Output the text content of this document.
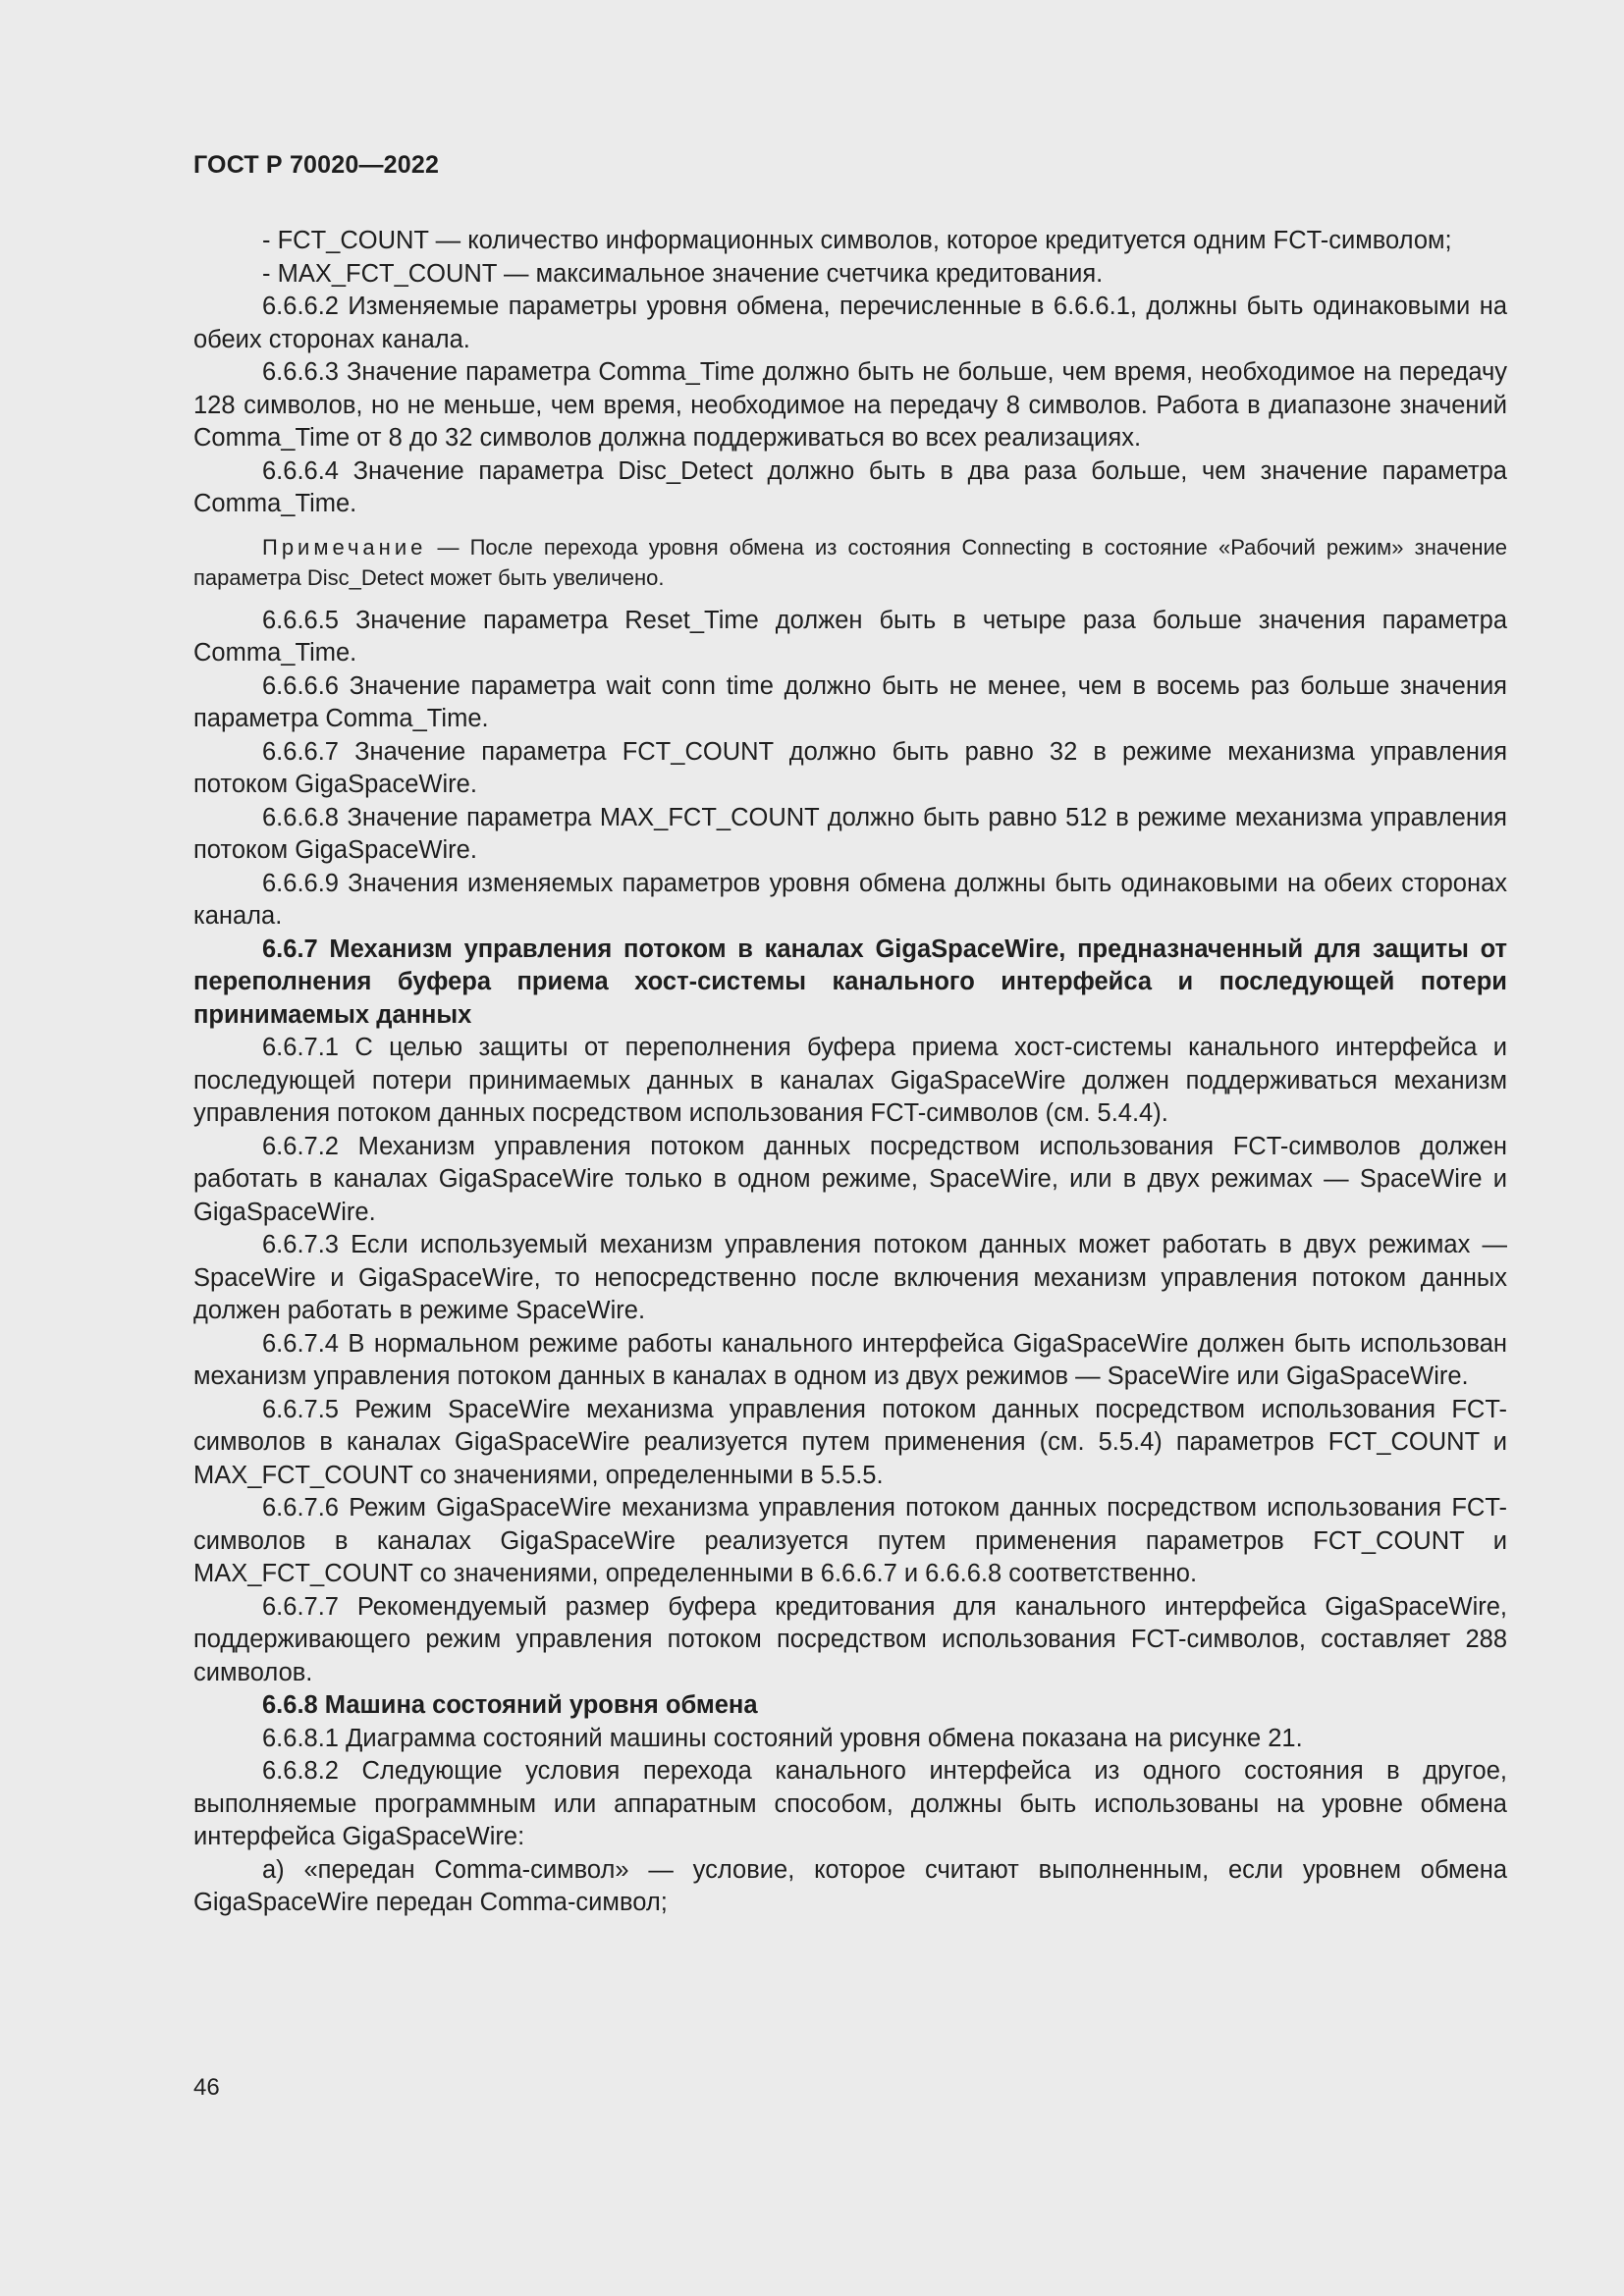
ГОСТ Р 70020—2022

- FCT_COUNT — количество информационных символов, которое кредитуется одним FCT-символом;

- MAX_FCT_COUNT — максимальное значение счетчика кредитования.

6.6.6.2 Изменяемые параметры уровня обмена, перечисленные в 6.6.6.1, должны быть одинаковыми на обеих сторонах канала.

6.6.6.3 Значение параметра Comma_Time должно быть не больше, чем время, необходимое на передачу 128 символов, но не меньше, чем время, необходимое на передачу 8 символов. Работа в диапазоне значений Comma_Time от 8 до 32 символов должна поддерживаться во всех реализациях.

6.6.6.4 Значение параметра Disc_Detect должно быть в два раза больше, чем значение параметра Comma_Time.

Примечание — После перехода уровня обмена из состояния Connecting в состояние «Рабочий режим» значение параметра Disc_Detect может быть увеличено.

6.6.6.5 Значение параметра Reset_Time должен быть в четыре раза больше значения параметра Comma_Time.

6.6.6.6 Значение параметра wait conn time должно быть не менее, чем в восемь раз больше значения параметра Comma_Time.

6.6.6.7 Значение параметра FCT_COUNT должно быть равно 32 в режиме механизма управления потоком GigaSpaceWire.

6.6.6.8 Значение параметра MAX_FCT_COUNT должно быть равно 512 в режиме механизма управления потоком GigaSpaceWire.

6.6.6.9 Значения изменяемых параметров уровня обмена должны быть одинаковыми на обеих сторонах канала.

6.6.7 Механизм управления потоком в каналах GigaSpaceWire, предназначенный для защиты от переполнения буфера приема хост-системы канального интерфейса и последующей потери принимаемых данных

6.6.7.1 С целью защиты от переполнения буфера приема хост-системы канального интерфейса и последующей потери принимаемых данных в каналах GigaSpaceWire должен поддерживаться механизм управления потоком данных посредством использования FCT-символов (см. 5.4.4).

6.6.7.2 Механизм управления потоком данных посредством использования FCT-символов должен работать в каналах GigaSpaceWire только в одном режиме, SpaceWire, или в двух режимах — SpaceWire и GigaSpaceWire.

6.6.7.3 Если используемый механизм управления потоком данных может работать в двух режимах — SpaceWire и GigaSpaceWire, то непосредственно после включения механизм управления потоком данных должен работать в режиме SpaceWire.

6.6.7.4 В нормальном режиме работы канального интерфейса GigaSpaceWire должен быть использован механизм управления потоком данных в каналах в одном из двух режимов — SpaceWire или GigaSpaceWire.

6.6.7.5 Режим SpaceWire механизма управления потоком данных посредством использования FCT-символов в каналах GigaSpaceWire реализуется путем применения (см. 5.5.4) параметров FCT_COUNT и MAX_FCT_COUNT со значениями, определенными в 5.5.5.

6.6.7.6 Режим GigaSpaceWire механизма управления потоком данных посредством использования FCT-символов в каналах GigaSpaceWire реализуется путем применения параметров FCT_COUNT и MAX_FCT_COUNT со значениями, определенными в 6.6.6.7 и 6.6.6.8 соответственно.

6.6.7.7 Рекомендуемый размер буфера кредитования для канального интерфейса GigaSpaceWire, поддерживающего режим управления потоком посредством использования FCT-символов, составляет 288 символов.

6.6.8 Машина состояний уровня обмена

6.6.8.1 Диаграмма состояний машины состояний уровня обмена показана на рисунке 21.

6.6.8.2 Следующие условия перехода канального интерфейса из одного состояния в другое, выполняемые программным или аппаратным способом, должны быть использованы на уровне обмена интерфейса GigaSpaceWire:

а) «передан Comma-символ» — условие, которое считают выполненным, если уровнем обмена GigaSpaceWire передан Comma-символ;

46
